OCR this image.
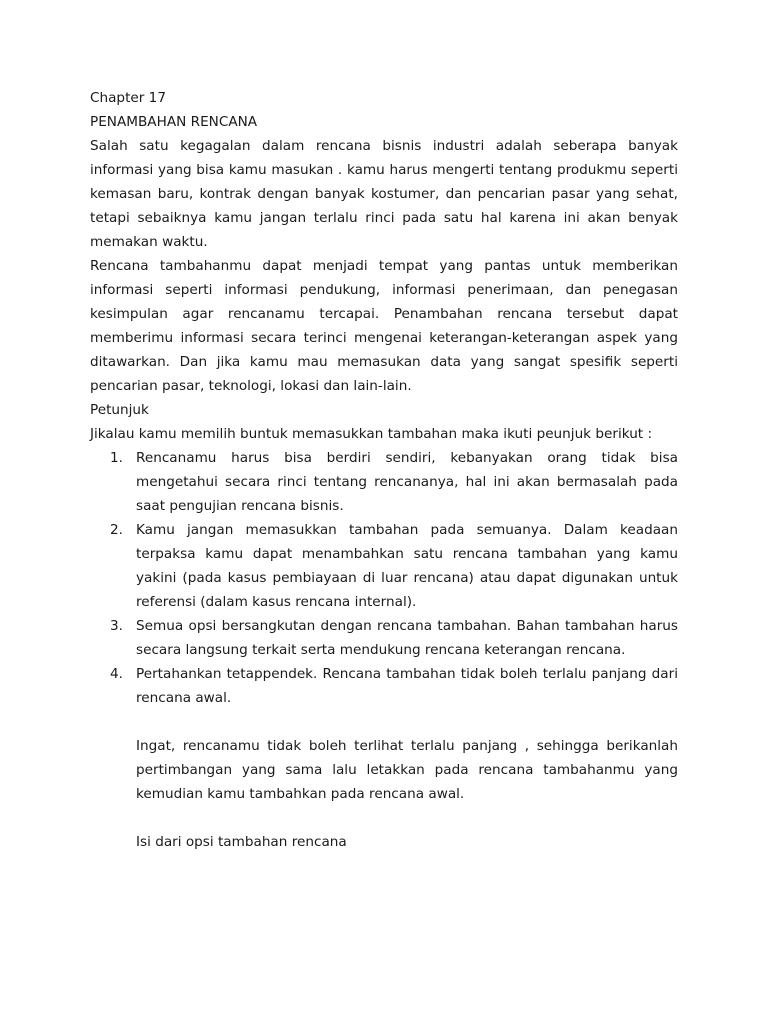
Chapter 17

PENAMBAHAN RENCANA

Salah satu kegagalan dalam rencana bisnis industri adalah seberapa banyak informasi yang bisa kamu masukan . kamu harus mengerti tentang produkmu seperti kemasan baru, kontrak dengan banyak kostumer, dan pencarian pasar yang sehat, tetapi sebaiknya kamu jangan terlalu rinci pada satu hal karena ini akan benyak memakan waktu.

Rencana tambahanmu dapat menjadi tempat yang pantas untuk memberikan informasi seperti informasi pendukung, informasi penerimaan, dan penegasan kesimpulan agar rencanamu tercapai. Penambahan rencana tersebut dapat memberimu informasi secara terinci mengenai keterangan-keterangan aspek yang ditawarkan. Dan jika kamu mau memasukan data yang sangat spesifik seperti pencarian pasar, teknologi, lokasi dan lain-lain.

Petunjuk

Jikalau kamu memilih buntuk memasukkan tambahan maka ikuti peunjuk berikut :

1. Rencanamu harus bisa berdiri sendiri, kebanyakan orang tidak bisa mengetahui secara rinci tentang rencananya, hal ini akan bermasalah pada saat pengujian rencana bisnis.
2. Kamu jangan memasukkan tambahan pada semuanya. Dalam keadaan terpaksa kamu dapat menambahkan satu rencana tambahan yang kamu yakini (pada kasus pembiayaan di luar rencana) atau dapat digunakan untuk referensi (dalam kasus rencana internal).
3. Semua opsi bersangkutan dengan rencana tambahan. Bahan tambahan harus secara langsung terkait serta mendukung rencana keterangan rencana.
4. Pertahankan tetappendek. Rencana tambahan tidak boleh terlalu panjang dari rencana awal.

Ingat, rencanamu tidak boleh terlihat terlalu panjang , sehingga berikanlah pertimbangan yang sama lalu letakkan pada rencana tambahanmu yang kemudian kamu tambahkan pada rencana awal.

Isi dari opsi tambahan rencana
